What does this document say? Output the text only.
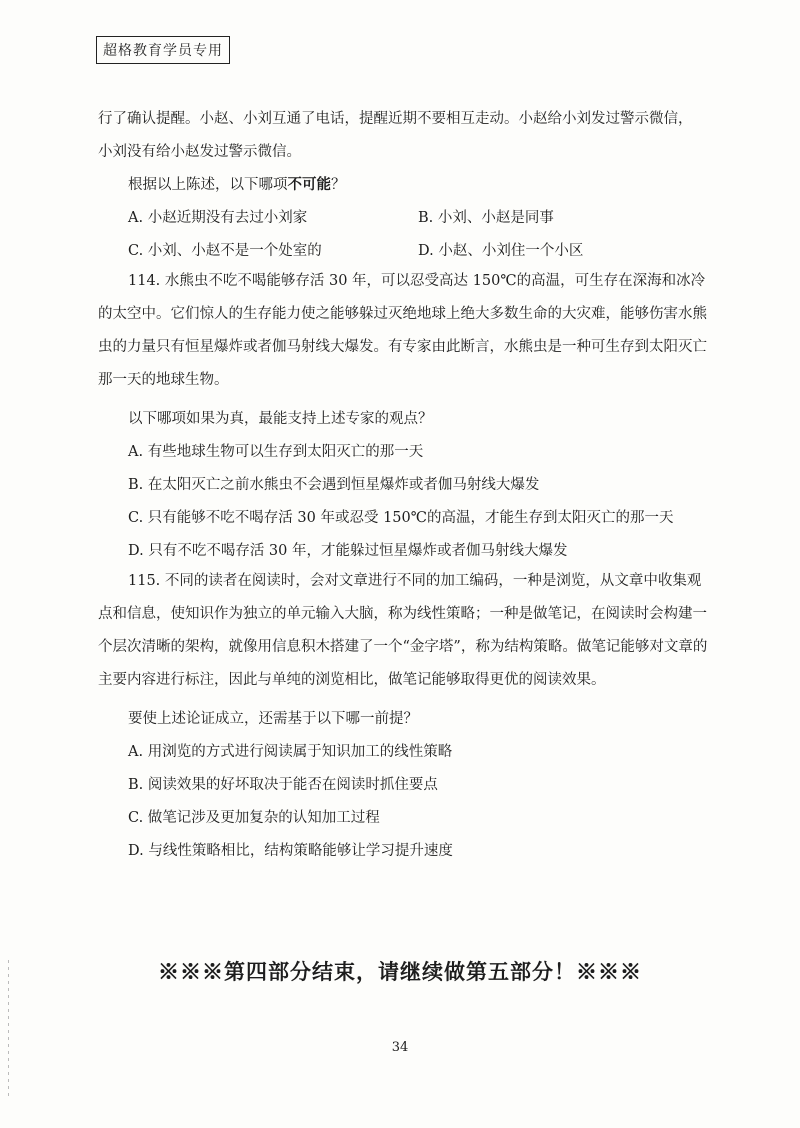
超格教育学员专用

行了确认提醒。小赵、小刘互通了电话，提醒近期不要相互走动。小赵给小刘发过警示微信，

小刘没有给小赵发过警示微信。

根据以上陈述，以下哪项不可能？

A. 小赵近期没有去过小刘家	B. 小刘、小赵是同事
C. 小刘、小赵不是一个处室的	D. 小赵、小刘住一个小区

114. 水熊虫不吃不喝能够存活 30 年，可以忍受高达 150℃的高温，可生存在深海和冰冷的太空中。它们惊人的生存能力使之能够躲过灭绝地球上绝大多数生命的大灾难，能够伤害水熊虫的力量只有恒星爆炸或者伽马射线大爆发。有专家由此断言，水熊虫是一种可生存到太阳灭亡那一天的地球生物。

以下哪项如果为真，最能支持上述专家的观点？

A. 有些地球生物可以生存到太阳灭亡的那一天

B. 在太阳灭亡之前水熊虫不会遇到恒星爆炸或者伽马射线大爆发

C. 只有能够不吃不喝存活 30 年或忍受 150℃的高温，才能生存到太阳灭亡的那一天

D. 只有不吃不喝存活 30 年，才能躲过恒星爆炸或者伽马射线大爆发

115. 不同的读者在阅读时，会对文章进行不同的加工编码，一种是浏览，从文章中收集观点和信息，使知识作为独立的单元输入大脑，称为线性策略；一种是做笔记，在阅读时会构建一个层次清晰的架构，就像用信息积木搭建了一个“金字塔”，称为结构策略。做笔记能够对文章的主要内容进行标注，因此与单纯的浏览相比，做笔记能够取得更优的阅读效果。

要使上述论证成立，还需基于以下哪一前提？

A. 用浏览的方式进行阅读属于知识加工的线性策略

B. 阅读效果的好坏取决于能否在阅读时抓住要点

C. 做笔记涉及更加复杂的认知加工过程

D. 与线性策略相比，结构策略能够让学习提升速度

※※※第四部分结束，请继续做第五部分！※※※
34
